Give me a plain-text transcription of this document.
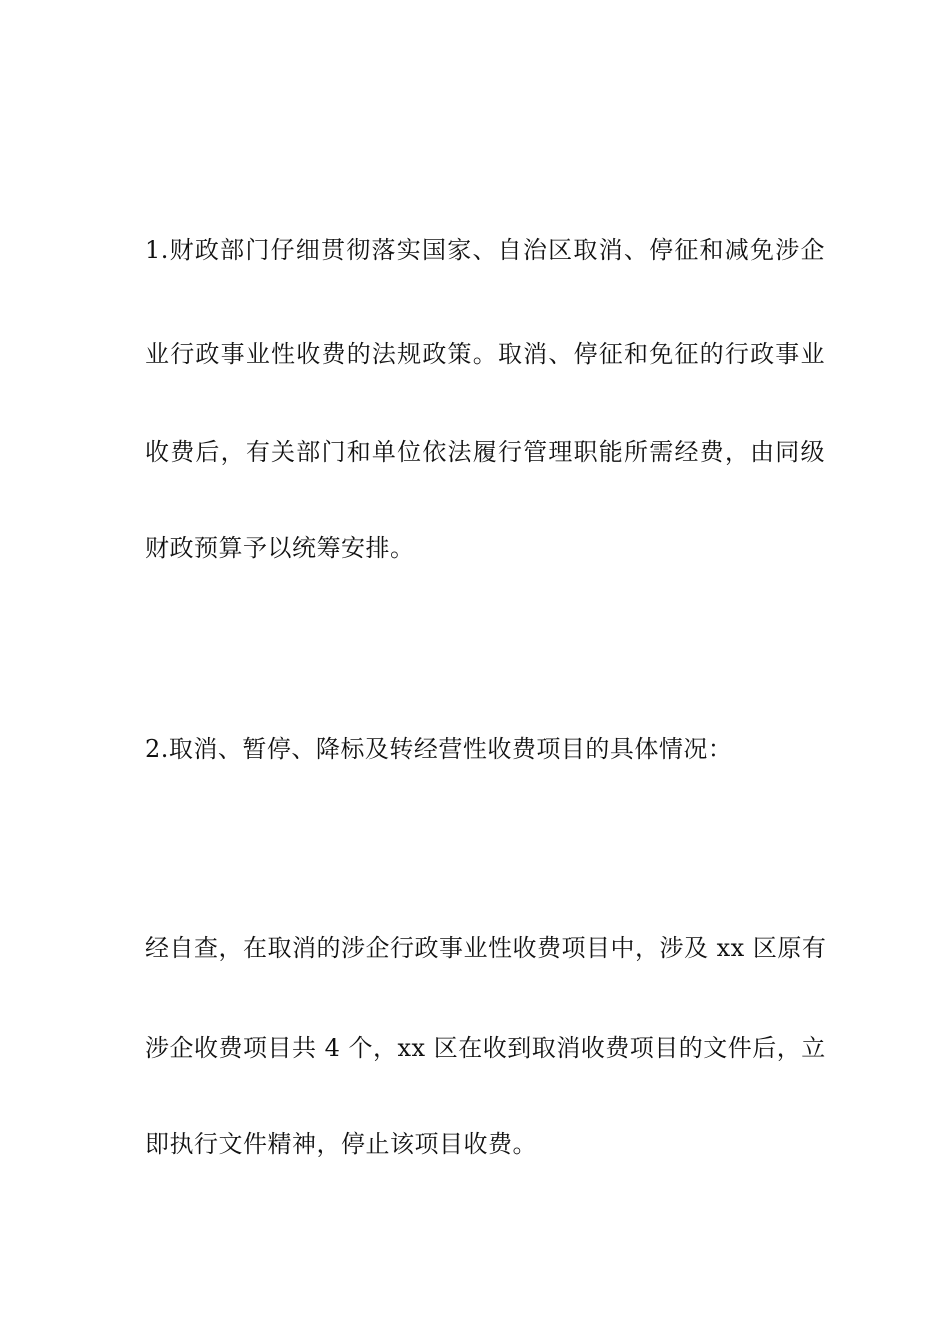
1.财政部门仔细贯彻落实国家、自治区取消、停征和减免涉企
业行政事业性收费的法规政策。取消、停征和免征的行政事业
收费后，有关部门和单位依法履行管理职能所需经费，由同级
财政预算予以统筹安排。
2.取消、暂停、降标及转经营性收费项目的具体情况：
经自查，在取消的涉企行政事业性收费项目中，涉及 xx 区原有
涉企收费项目共 4 个，xx 区在收到取消收费项目的文件后，立
即执行文件精神，停止该项目收费。
